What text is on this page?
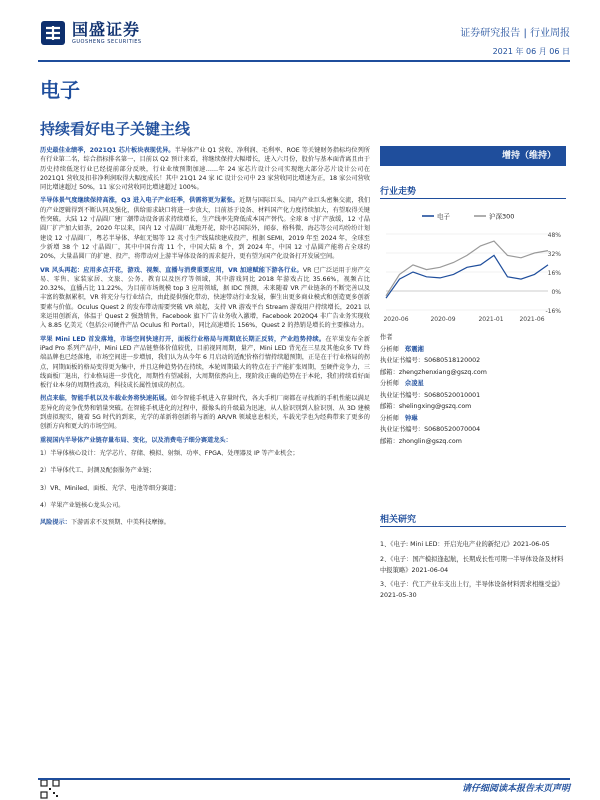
国盛证券
GUOSHENG SECURITIES
证券研究报告 | 行业周报
2021 年 06 月 06 日
电子
持续看好电子关键主线
历史最佳业绩季，2021Q1 芯片板块表现优异。半导体产业 Q1 营收、净利润、毛利率、ROE 等关键财务指标均位列所有行业第二名，综合指标排名第一，目前以 Q2 预计来看，将继续保持大幅增长，进入六月份，股价与基本面背离且由于历史持续低迷行业已经提前部分反映，行业业绩预期加速……年 24 家芯片设计公司实现绝大部分芯片设计公司在 2021Q1 营收及扣非净利润取得大幅度成长！其中 21Q1 24 家 IC 设计公司中 23 家营收同比增速为正，18 家公司营收同比增速超过 50%，11 家公司营收同比增速超过 100%。
半导体景气度继续保持高涨，Q3 进入电子产业旺季，供需将更为紧张。近期与国际巨头、国内产业巨头密集交流，我们的产业逻辑得到不断认同及强化，供给需求缺口将进一步放大，目前基于设备、材料国产化力度持续加大，有望取得关键性突破。大陆 12 寸晶圆厂建厂潮带动设备需求持续增长，生产线率先降低成本国产替代。全球 8 寸扩产放缓，12 寸晶圆厂扩产加大如荼，2020 年以来，国内 12 寸晶圆厂战地开花，除中芯国际外，闻泰、格科微、海芯等公司均纷纷计划建设 12 寸晶圆厂，粤芯半导体、华虹无锡等 12 英寸生产线陆续建成投产，根据 SEMI，2019 年至 2024 年，全球至少新增 38 个 12 寸晶圆厂，其中中国台湾 11 个，中国大陆 8 个，到 2024 年，中国 12 寸晶圆产能将占全球约 20%，大量晶圆厂的扩建、投产，将带动对上游半导体设备的需求提升，更有望为国产化设备打开发展空间。
VR 风头再起：应用多点开花，游戏、视频、直播与消费重要应用，VR 加速赋能下游各行业。VR 已广泛运用于房产交易、零售、家装家居、文旅、公务、教育以及医疗等领域，其中游戏同比 2018 年游戏占比 35.66%，视频占比 20.32%，直播占比 11.22%，为目前市场规模 top 3 应用领域，据 IDC 预测，未来随着 VR 产业链条的不断完善以及丰富的数据累积，VR 将充分与行业结合，由此提供强化带动，快速带动行业发展，催生出更多商业模式和创造更多创新要素与价值。Oculus Quest 2 的发布带动需要突破 VR 端起，支持 VR 游戏平台 Stream 游戏用户持续增长，2021 以来运用创新高，体温于 Quest 2 强劲销售，Facebook 旗下广告业务收入激增，Facebook 2020Q4 非广告业务实现收入 8.85 亿美元（包括公司硬件产品 Oculus 和 Portal），同比高速增长 156%，Quest 2 的热销是增长的主要推动力。
苹果 Mini LED 首发落地，市场空间快速打开，面板行业格局与周期底长期正反转，产业趋势持续。在苹果发布全新 iPad Pro 系列产品中，Mini LED 产品链整体价值较优，目前视同周期，量产，Mini LED 背光在三星及其他众多 TV 终端品牌也已经落地，市场空间进一步增加，我们认为从今年 6 月启动的适配价格行情持续超预期，正是在于行业格局的拐点，同期面板的格局变得更为集中，并且这种趋势仍在持续，本轮周期最大的特点在于产能扩张周期，至硬件竞争力，三线面板厂退出，行业格局进一步优化，周期性有望减弱，大周期依然向上，现阶段正确的趋势在于本轮，我们持续看好面板行业本身的周期性波动，科技成长属性加成的拐点。
拐点来临，智能手机以及车载业务将快速拓展。如今智能手机进入存量时代，各大手机厂商都在寻找新的手机性能以满足差异化的竞争优势和销量突破。在智能手机进化的过程中，摄像头的升级最为迅速，从人脸识别到人脸识别、从 3D 建模到虚拟现实，随着 5G 时代的到来，光学的革新将创新将与新的 AR/VR 领域息息相关，车载光学也为经典带来了更多的创新方向和更大的市场空间。
重视国内半导体产业链存量布局、变化，以及消费电子细分赛道龙头：
1）半导体核心设计：光学芯片、存储、模拟、射频、功率、FPGA、处理器及 IP 等产业机会；
2）半导体代工、封测及配套服务产业链；
3）VR、Miniled、面板、光学、电池等细分赛道；
4）苹果产业链核心龙头公司。
风险提示：下游需求不及预期、中美科技摩擦。
增持（维持）
行业走势
电子	沪深300
48%
32%
16%
0%
-16%
2020-06	2020-09	2021-01	2021-06
作者
分析师 郑震湘
执业证书编号：S0680518120002
邮箱：zhengzhenxiang@gszq.com
分析师 佘凌星
执业证书编号：S0680520010001
邮箱：shelingxing@gszq.com
分析师 钟琳
执业证书编号：S0680520070004
邮箱：zhonglin@gszq.com
相关研究
1、《电子: Mini LED：开启光电产业的新纪元》2021-06-05
2、《电子：国产模拟逢起航，长期成长性可期一半导体设备及材料中报策略》2021-06-04
3、《电子：代工产业车支出上行，半导体设备材料需求相继受益》2021-05-30
请仔细阅读本报告末页声明
